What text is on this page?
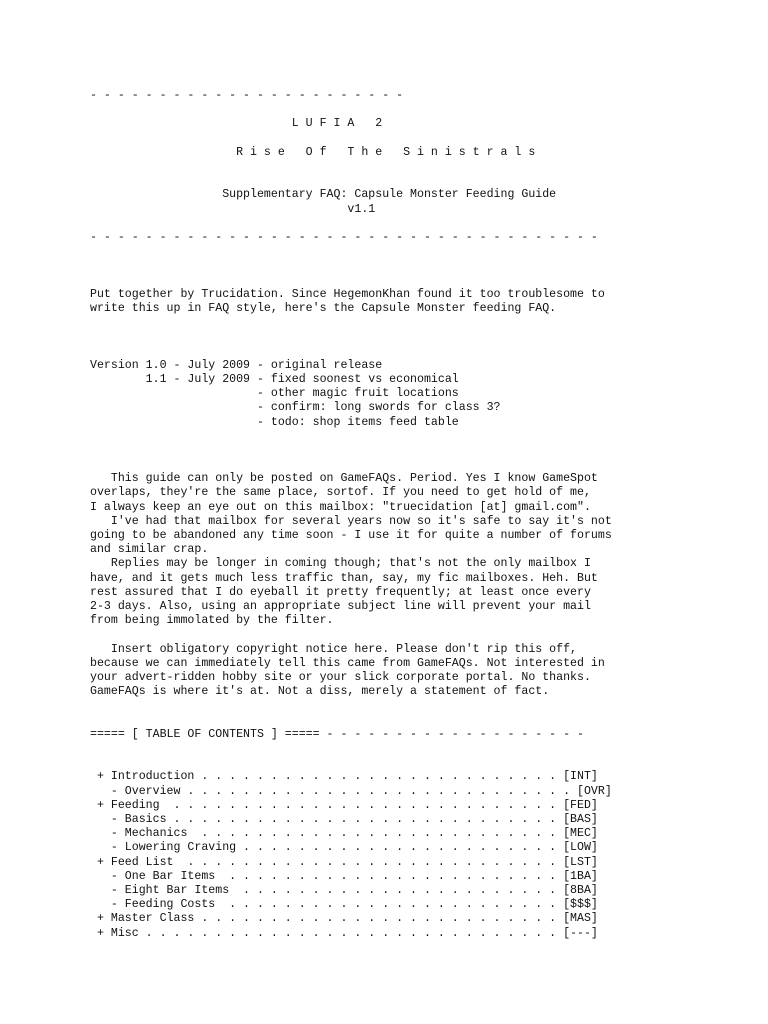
- - - - - - - - - - - - - - - - - - - - - - -
L U F I A   2
R i s e   O f   T h e   S i n i s t r a l s
Supplementary FAQ: Capsule Monster Feeding Guide
v1.1
- - - - - - - - - - - - - - - - - - - - - - - - - - - - - - - - - - - - -
Put together by Trucidation. Since HegemonKhan found it too troublesome to
write this up in FAQ style, here's the Capsule Monster feeding FAQ.
Version 1.0 - July 2009 - original release
1.1 - July 2009 - fixed soonest vs economical
- other magic fruit locations
- confirm: long swords for class 3?
- todo: shop items feed table
This guide can only be posted on GameFAQs. Period. Yes I know GameSpot
overlaps, they're the same place, sortof. If you need to get hold of me,
I always keep an eye out on this mailbox: "truecidation [at] gmail.com".
I've had that mailbox for several years now so it's safe to say it's not
going to be abandoned any time soon - I use it for quite a number of forums
and similar crap.
Replies may be longer in coming though; that's not the only mailbox I
have, and it gets much less traffic than, say, my fic mailboxes. Heh. But
rest assured that I do eyeball it pretty frequently; at least once every
2-3 days. Also, using an appropriate subject line will prevent your mail
from being immolated by the filter.
Insert obligatory copyright notice here. Please don't rip this off,
because we can immediately tell this came from GameFAQs. Not interested in
your advert-ridden hobby site or your slick corporate portal. No thanks.
GameFAQs is where it's at. Not a diss, merely a statement of fact.
===== [ TABLE OF CONTENTS ] ===== - - - - - - - - - - - - - - - - - - -
+ Introduction . . . . . . . . . . . . . . . . . . . . . . . . . . [INT]
- Overview . . . . . . . . . . . . . . . . . . . . . . . . . . . . [OVR]
+ Feeding  . . . . . . . . . . . . . . . . . . . . . . . . . . . . [FED]
- Basics . . . . . . . . . . . . . . . . . . . . . . . . . . . . [BAS]
- Mechanics  . . . . . . . . . . . . . . . . . . . . . . . . . . [MEC]
- Lowering Craving . . . . . . . . . . . . . . . . . . . . . . . [LOW]
+ Feed List  . . . . . . . . . . . . . . . . . . . . . . . . . . . [LST]
- One Bar Items  . . . . . . . . . . . . . . . . . . . . . . . . [1BA]
- Eight Bar Items  . . . . . . . . . . . . . . . . . . . . . . . [8BA]
- Feeding Costs  . . . . . . . . . . . . . . . . . . . . . . . . [$$$]
+ Master Class . . . . . . . . . . . . . . . . . . . . . . . . . . [MAS]
+ Misc . . . . . . . . . . . . . . . . . . . . . . . . . . . . . . [---]
